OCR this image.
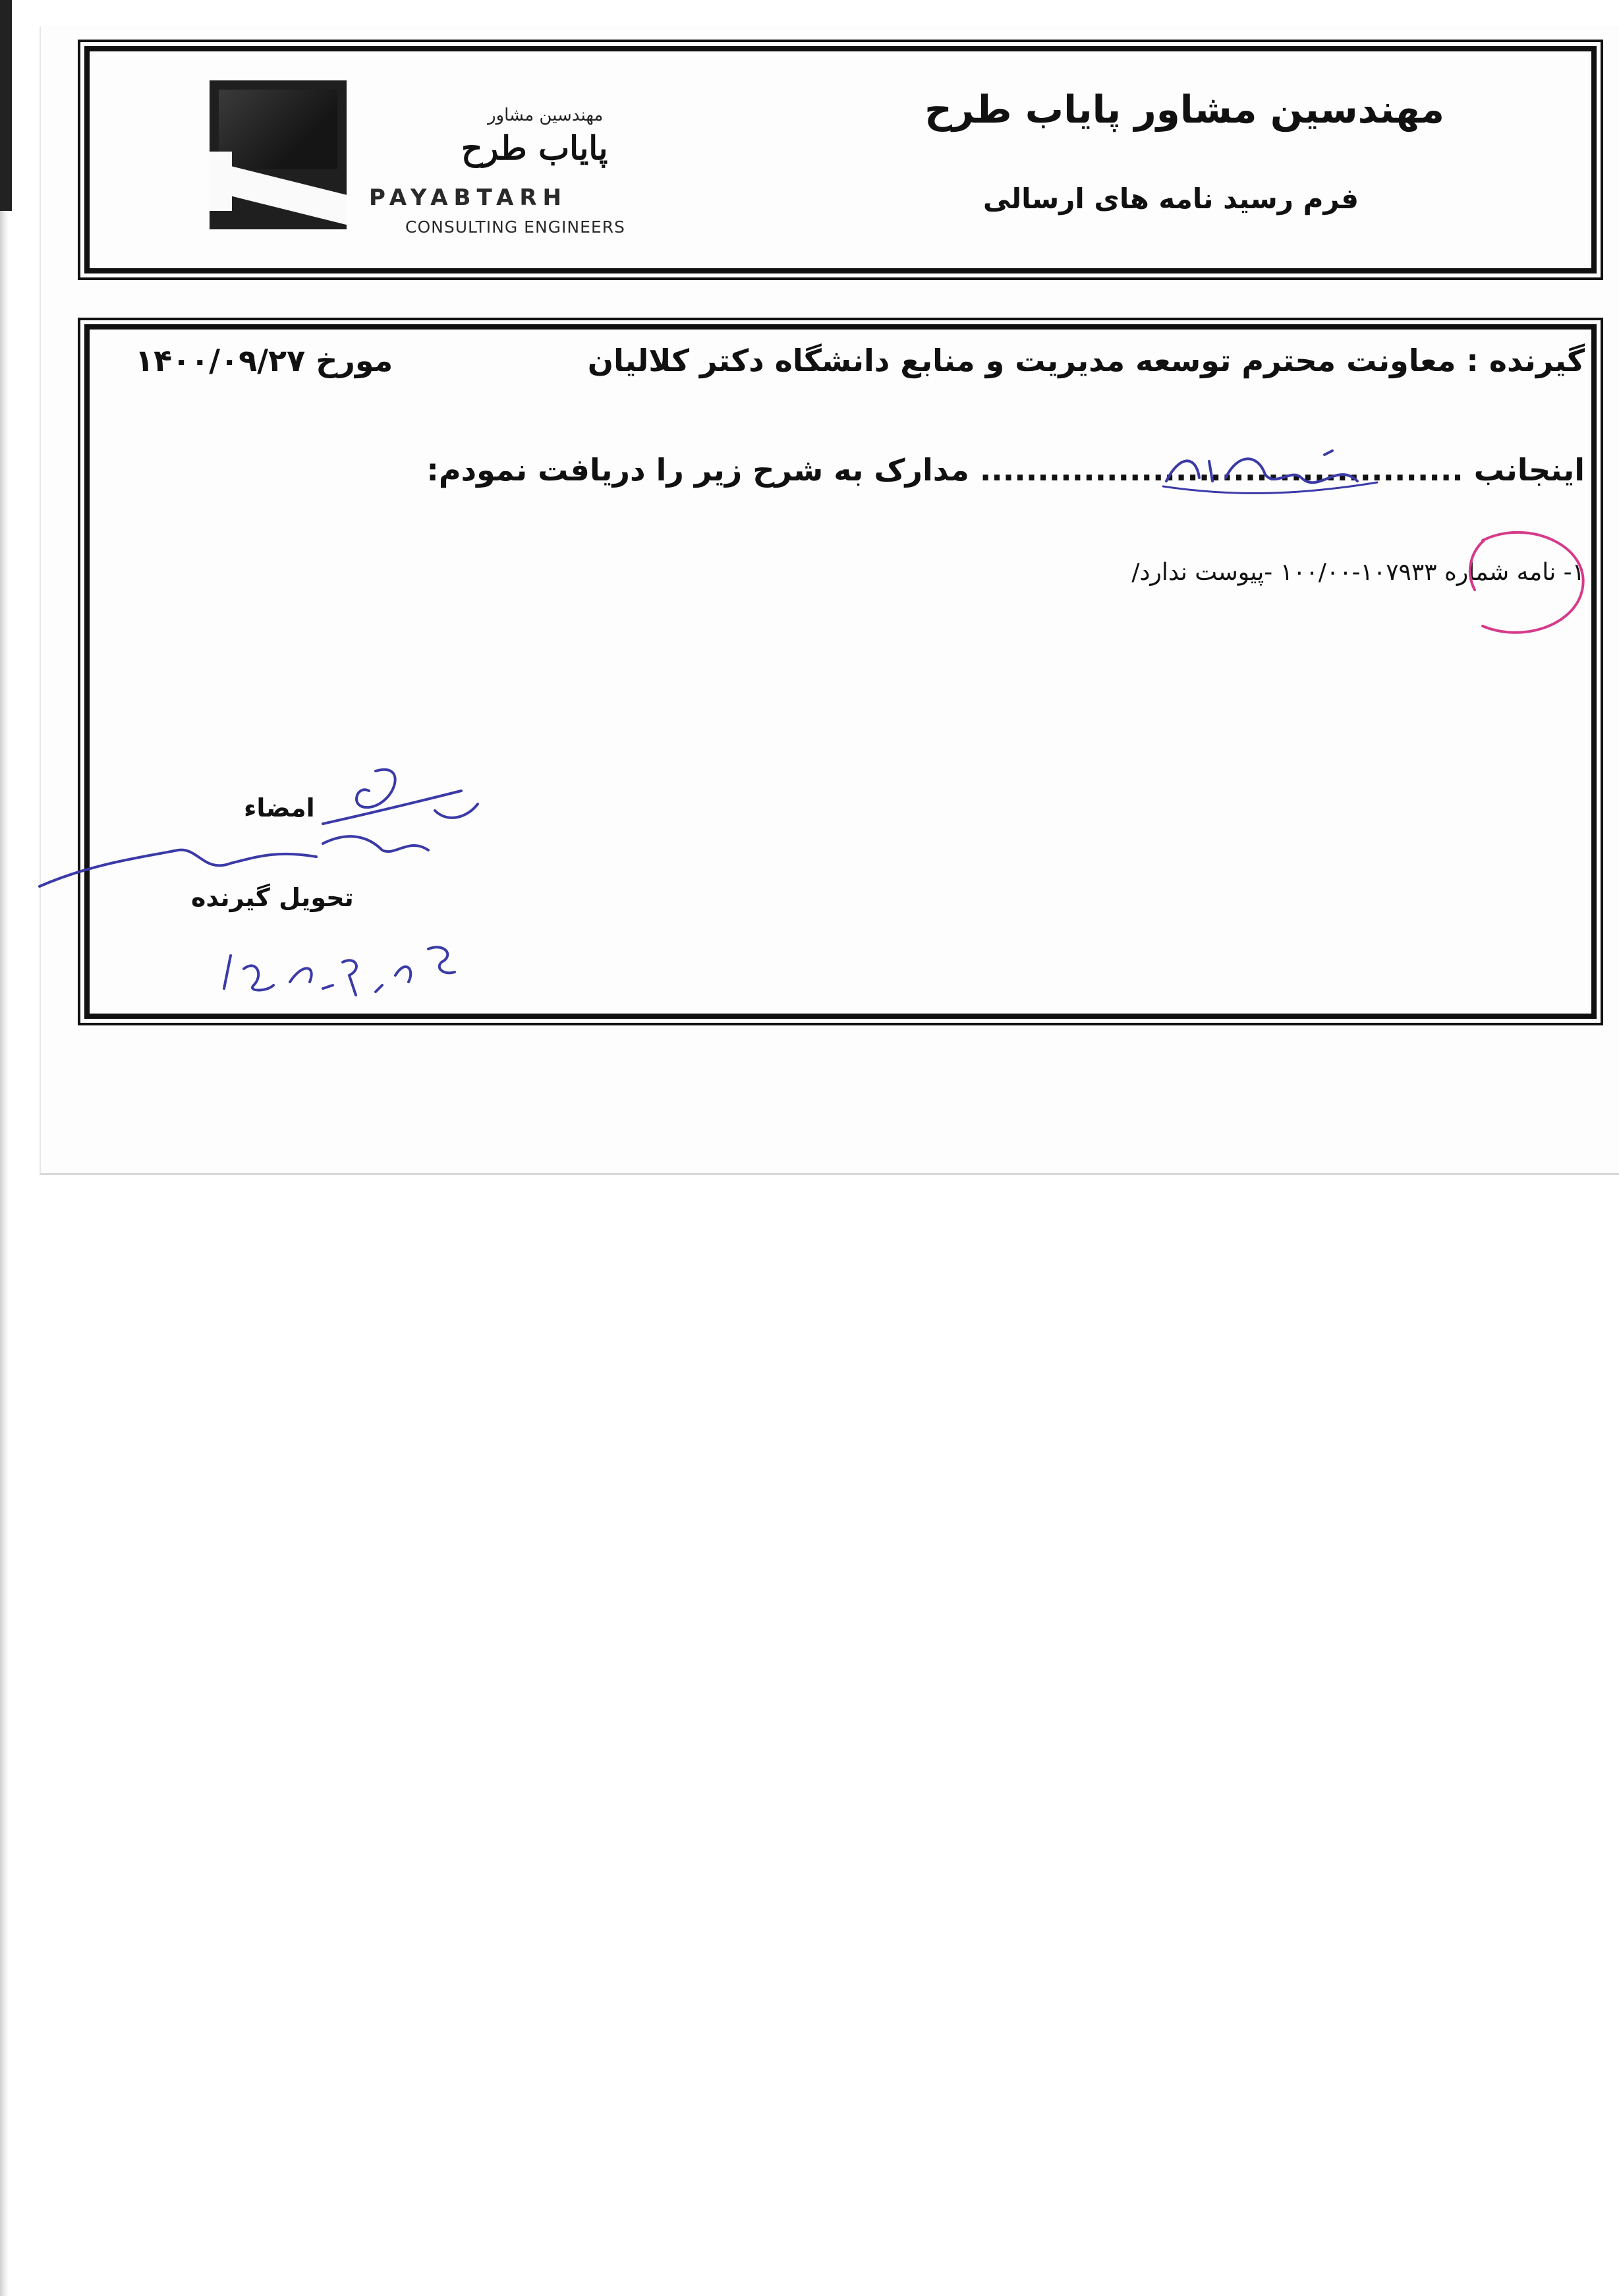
مهندسین مشاور
پایاب طرح
PAYABTARH
CONSULTING ENGINEERS
مهندسین مشاور پایاب طرح
فرم رسید نامه های ارسالی
گیرنده : معاونت محترم توسعه مدیریت و منابع دانشگاه دکتر کلالیان
مورخ ۱۴۰۰/۰۹/۲۷
اینجانب .......................................... مدارک به شرح زیر را دریافت نمودم:
۱- نامه شماره ۱۰۷۹۳۳-۱۰۰/۰۰ -پیوست ندارد/
امضاء
تحویل گیرنده
